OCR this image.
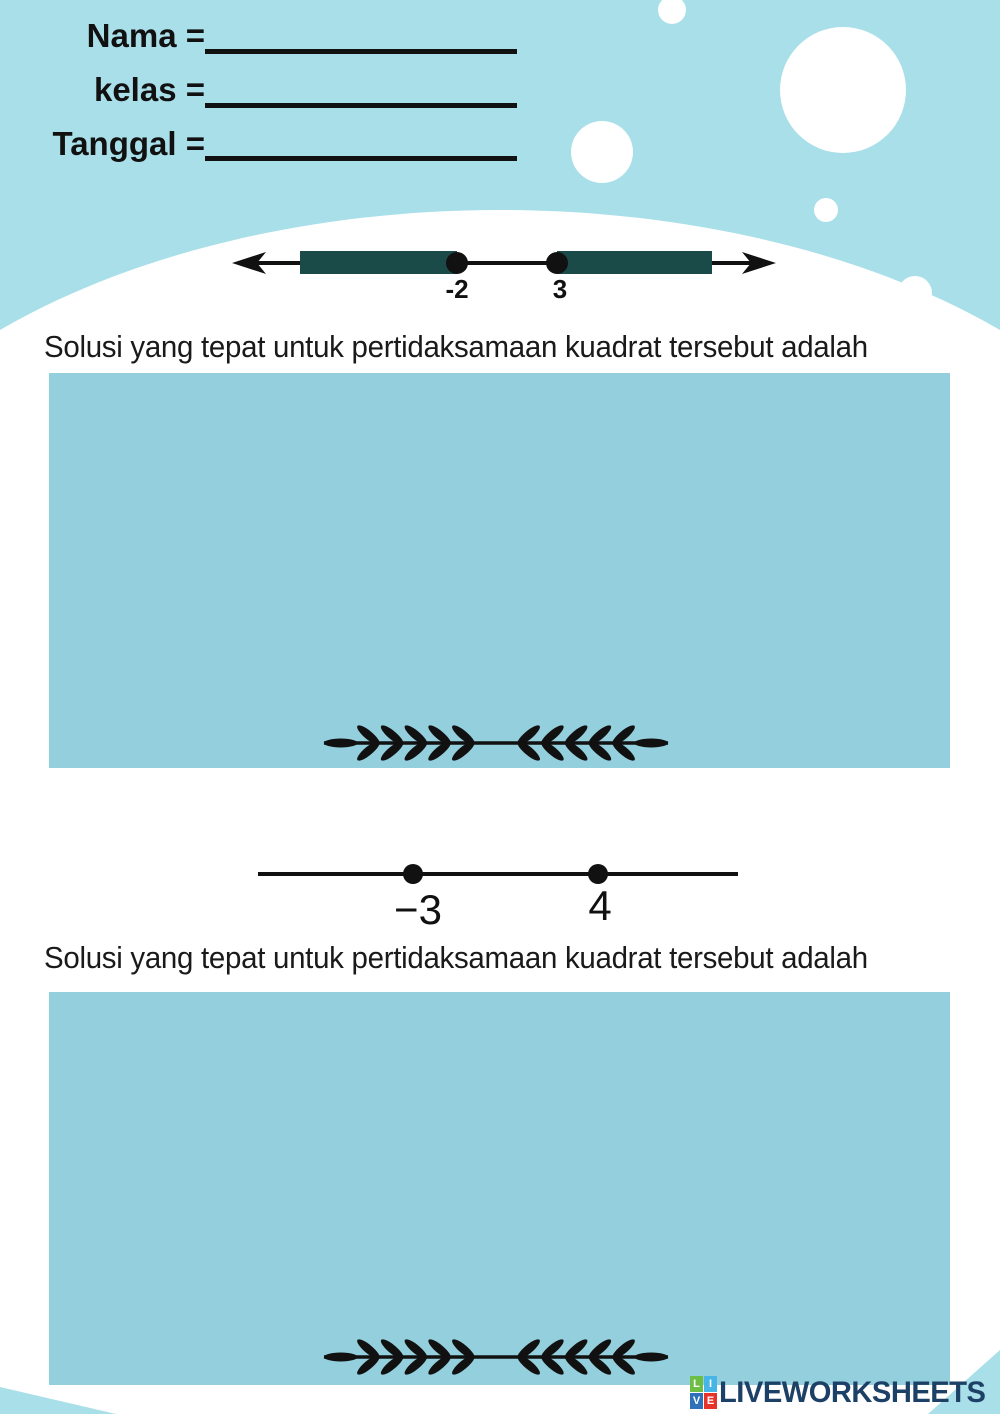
Nama =
kelas =
Tanggal =
-2	3
Solusi yang tepat untuk pertidaksamaan kuadrat tersebut adalah
−3	4
Solusi yang tepat untuk pertidaksamaan kuadrat tersebut adalah
L I
V E LIVEWORKSHEETS
